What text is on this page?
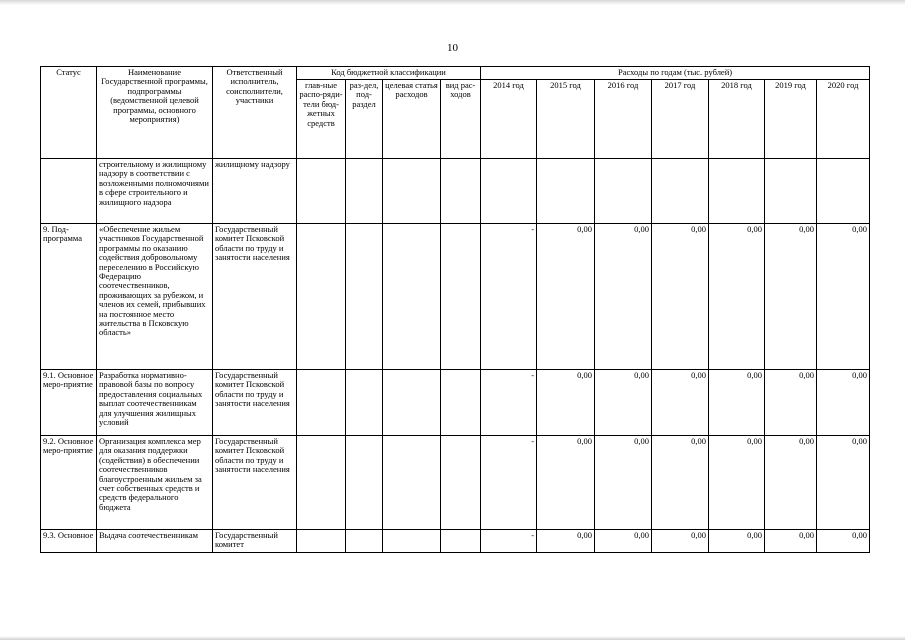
10
Статус	Наименование Государственной программы, подпрограммы (ведомственной целевой программы, основного мероприятия)	Ответственный исполнитель, соисполнители, участники	Код бюджетной классификации				Расходы по годам (тыс. рублей)						
			глав-ные распо-ряди-тели бюд-жетных средств	раз-дел, под-раздел	целевая статья расходов	вид рас-ходов	2014 год	2015 год	2016 год	2017 год	2018 год	2019 год	2020 год
	строительному и жилищному надзору в соответствии с возложенными полномочиями в сфере строительного и жилищного надзора	жилищному надзору											
9. Под-программа	«Обеспечение жильем участников Государственной программы по оказанию содействия добровольному переселению в Российскую Федерацию соотечественников, проживающих за рубежом, и членов их семей, прибывших на постоянное место жительства в Псковскую область»	Государственный комитет Псковской области по труду и занятости населения					-	0,00	0,00	0,00	0,00	0,00	0,00
9.1. Основное меро-приятие	Разработка нормативно-правовой базы по вопросу предоставления социальных выплат соотечественникам для улучшения жилищных условий	Государственный комитет Псковской области по труду и занятости населения					-	0,00	0,00	0,00	0,00	0,00	0,00
9.2. Основное меро-приятие	Организация комплекса мер для оказания поддержки (содействия) в обеспечении соотечественников благоустроенным жильем за счет собственных средств и средств федерального бюджета	Государственный комитет Псковской области по труду и занятости населения					-	0,00	0,00	0,00	0,00	0,00	0,00
9.3. Основное	Выдача соотечественникам	Государственный комитет					-	0,00	0,00	0,00	0,00	0,00	0,00
